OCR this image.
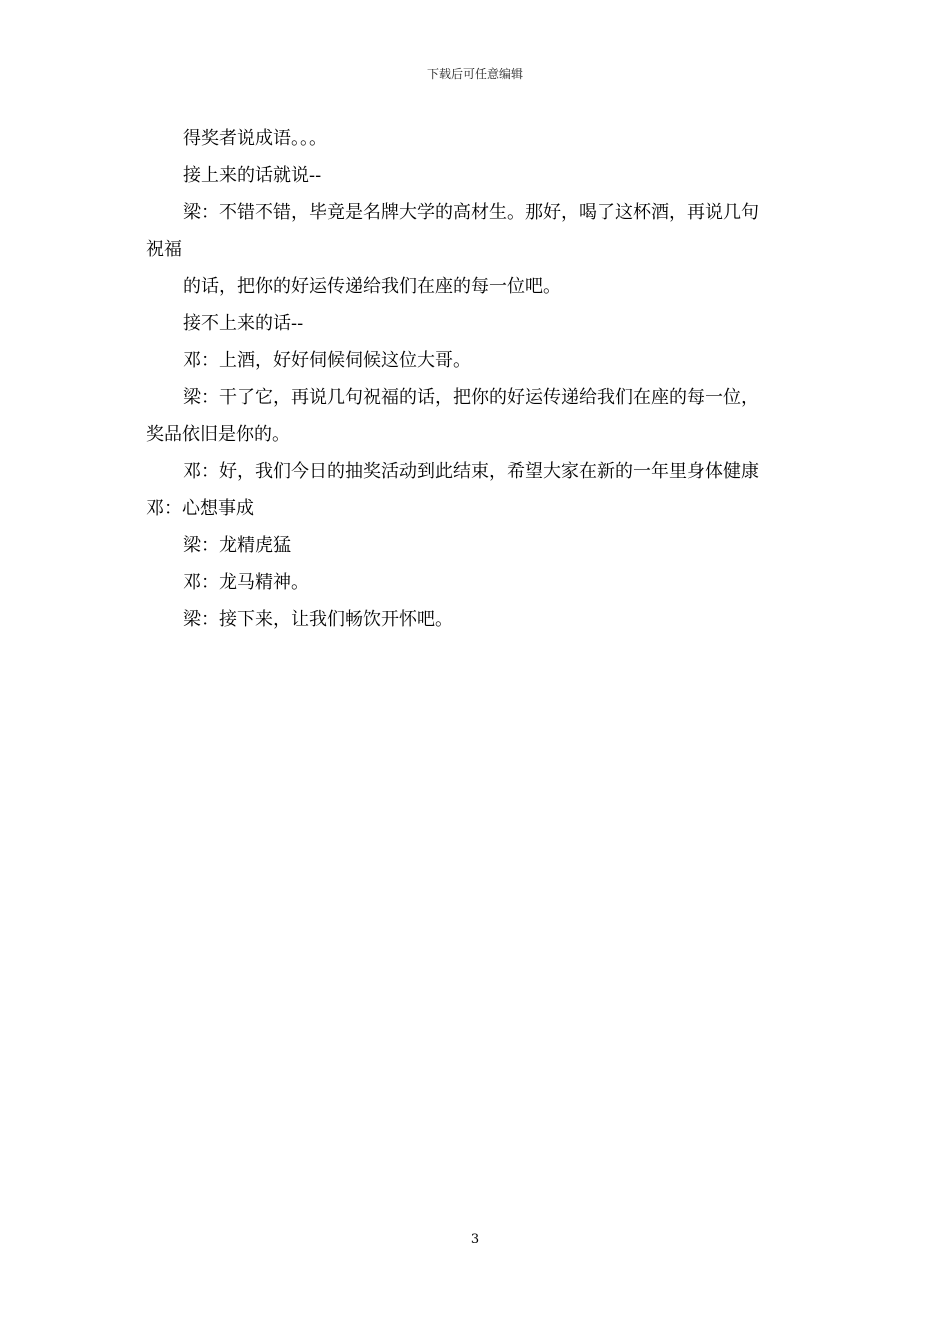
下载后可任意编辑

得奖者说成语。。。

接上来的话就说--

梁：不错不错，毕竟是名牌大学的高材生。那好，喝了这杯酒，再说几句

祝福

的话，把你的好运传递给我们在座的每一位吧。

接不上来的话--

邓：上酒，好好伺候伺候这位大哥。

梁：干了它，再说几句祝福的话，把你的好运传递给我们在座的每一位，

奖品依旧是你的。

邓：好，我们今日的抽奖活动到此结束，希望大家在新的一年里身体健康

邓：心想事成

梁：龙精虎猛

邓：龙马精神。

梁：接下来，让我们畅饮开怀吧。

3
